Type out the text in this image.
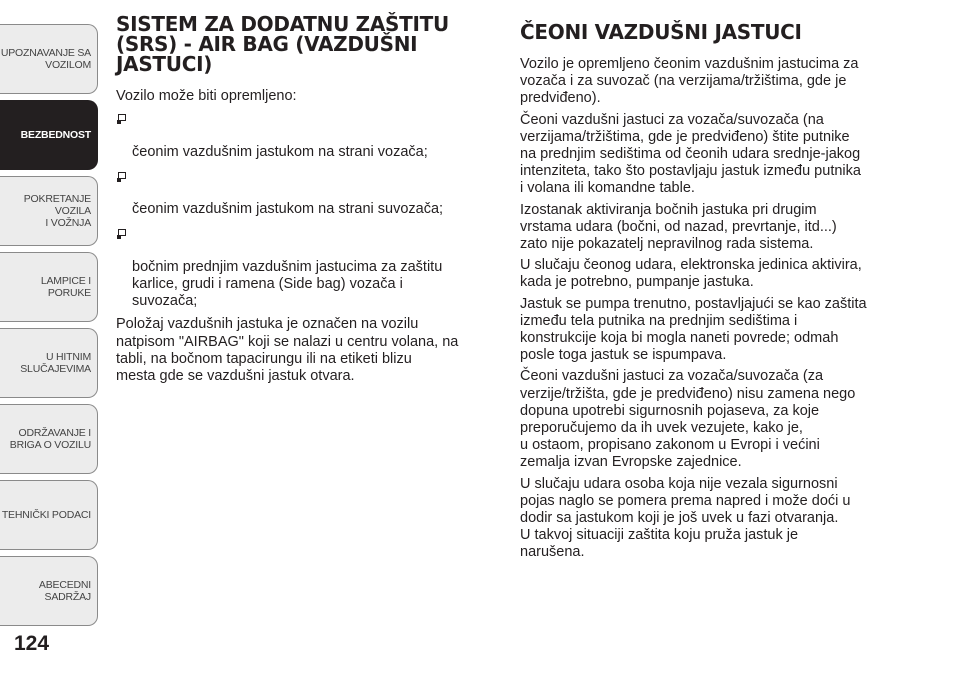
UPOZNAVANJE SA
VOZILOM
BEZBEDNOST
POKRETANJE VOZILA
I VOŽNJA
LAMPICE I PORUKE
U HITNIM
SLUČAJEVIMA
ODRŽAVANJE I
BRIGA O VOZILU
TEHNIČKI PODACI
ABECEDNI SADRŽAJ
124
SISTEM ZA DODATNU ZAŠTITU
(SRS) - AIR BAG (VAZDUŠNI
JASTUCI)

Vozilo može biti opremljeno:

čeonim vazdušnim jastukom na strani vozača;

čeonim vazdušnim jastukom na strani suvozača;

bočnim prednjim vazdušnim jastucima za zaštitu
karlice, grudi i ramena (Side bag) vozača i
suvozača;

Položaj vazdušnih jastuka je označen na vozilu
natpisom "AIRBAG" koji se nalazi u centru volana, na
tabli, na bočnom tapacirungu ili na etiketi blizu
mesta gde se vazdušni jastuk otvara.

ČEONI VAZDUŠNI JASTUCI

Vozilo je opremljeno čeonim vazdušnim jastucima za
vozača i za suvozač (na verzijama/tržištima, gde je
predviđeno).

Čeoni vazdušni jastuci za vozača/suvozača (na
verzijama/tržištima, gde je predviđeno) štite putnike
na prednjim sedištima od čeonih udara srednje-jakog
intenziteta, tako što postavljaju jastuk između putnika
i volana ili komandne table.

Izostanak aktiviranja bočnih jastuka pri drugim
vrstama udara (bočni, od nazad, prevrtanje, itd...)
zato nije pokazatelj nepravilnog rada sistema.

U slučaju čeonog udara, elektronska jedinica aktivira,
kada je potrebno, pumpanje jastuka.

Jastuk se pumpa trenutno, postavljajući se kao zaštita
između tela putnika na prednjim sedištima i
konstrukcije koja bi mogla naneti povrede; odmah
posle toga jastuk se ispumpava.

Čeoni vazdušni jastuci za vozača/suvozača (za
verzije/tržišta, gde je predviđeno) nisu zamena nego
dopuna upotrebi sigurnosnih pojaseva, za koje
preporučujemo da ih uvek vezujete, kako je,
u ostaom, propisano zakonom u Evropi i većini
zemalja izvan Evropske zajednice.

U slučaju udara osoba koja nije vezala sigurnosni
pojas naglo se pomera prema napred i može doći u
dodir sa jastukom koji je još uvek u fazi otvaranja.
U takvoj situaciji zaštita koju pruža jastuk je
narušena.
